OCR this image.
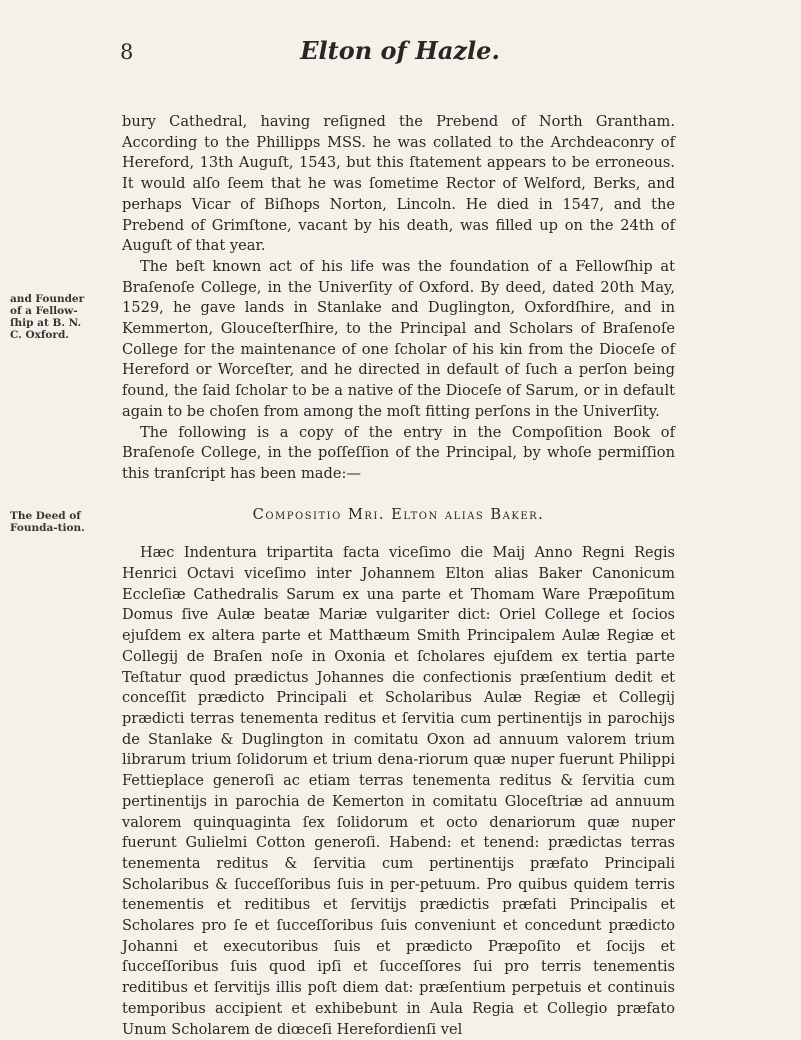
8	Elton of Hazle.
and Founder of a Fellow-ſhip at B. N. C. Oxford.
The Deed of Founda-tion.

bury Cathedral, having reſigned the Prebend of North Grantham. According to the Phillipps MSS. he was collated to the Archdeaconry of Hereford, 13th Auguſt, 1543, but this ſtatement appears to be erroneous. It would alſo ſeem that he was ſometime Rector of Welford, Berks, and perhaps Vicar of Biſhops Norton, Lincoln. He died in 1547, and the Prebend of Grimſtone, vacant by his death, was filled up on the 24th of Auguſt of that year.

The beſt known act of his life was the foundation of a Fellowſhip at Braſenoſe College, in the Univerſity of Oxford. By deed, dated 20th May, 1529, he gave lands in Stanlake and Duglington, Oxfordſhire, and in Kemmerton, Glouceſterſhire, to the Principal and Scholars of Braſenoſe College for the maintenance of one ſcholar of his kin from the Dioceſe of Hereford or Worceſter, and he directed in default of ſuch a perſon being found, the ſaid ſcholar to be a native of the Dioceſe of Sarum, or in default again to be choſen from among the moſt fitting perſons in the Univerſity.

The following is a copy of the entry in the Compoſition Book of Braſenoſe College, in the poſſeſſion of the Principal, by whoſe permiſſion this tranſcript has been made:—

Compositio Mri. Elton alias Baker.

Hæc Indentura tripartita facta viceſimo die Maij Anno Regni Regis Henrici Octavi viceſimo inter Johannem Elton alias Baker Canonicum Eccleſiæ Cathedralis Sarum ex una parte et Thomam Ware Præpoſitum Domus ſive Aulæ beatæ Mariæ vulgariter dict: Oriel College et ſocios ejuſdem ex altera parte et Matthæum Smith Principalem Aulæ Regiæ et Collegij de Braſen noſe in Oxonia et ſcholares ejuſdem ex tertia parte Teſtatur quod prædictus Johannes die confectionis præſentium dedit et conceſſit prædicto Principali et Scholaribus Aulæ Regiæ et Collegij prædicti terras tenementa reditus et ſervitia cum pertinentijs in parochijs de Stanlake & Duglington in comitatu Oxon ad annuum valorem trium librarum trium ſolidorum et trium dena-riorum quæ nuper fuerunt Philippi Fettieplace generoſi ac etiam terras tenementa reditus & ſervitia cum pertinentijs in parochia de Kemerton in comitatu Gloceſtriæ ad annuum valorem quinquaginta ſex ſolidorum et octo denariorum quæ nuper fuerunt Gulielmi Cotton generoſi. Habend: et tenend: prædictas terras tenementa reditus & ſervitia cum pertinentijs præfato Principali Scholaribus & ſucceſſoribus ſuis in per-petuum. Pro quibus quidem terris tenementis et reditibus et ſervitijs prædictis præfati Principalis et Scholares pro ſe et ſucceſſoribus ſuis conveniunt et concedunt prædicto Johanni et executoribus ſuis et prædicto Præpoſito et ſocijs et ſucceſſoribus ſuis quod ipſi et ſucceſſores ſui pro terris tenementis reditibus et ſervitijs illis poſt diem dat: præſentium perpetuis et continuis temporibus accipient et exhibebunt in Aula Regia et Collegio præfato Unum Scholarem de diœceſi Herefordienſi vel
